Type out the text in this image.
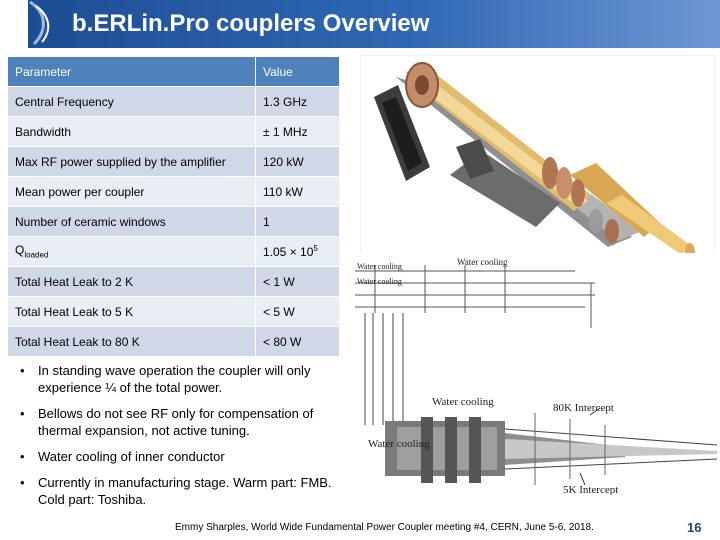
b.ERLin.Pro couplers Overview
Parameter	Value
Central Frequency	1.3 GHz
Bandwidth	± 1 MHz
Max RF power supplied by the amplifier	120 kW
Mean power per coupler	110 kW
Number of ceramic windows	1
$Q_{loaded}$	$1.05 \times 10^5$
Total Heat Leak to 2 K	< 1 W
Total Heat Leak to 5 K	< 5 W
Total Heat Leak to 80 K	< 80 W
• In standing wave operation the coupler will only experience ¼ of the total power.
• Bellows do not see RF only for compensation of thermal expansion, not active tuning.
• Water cooling of inner conductor
• Currently in manufacturing stage. Warm part: FMB. Cold part: Toshiba.
Water cooling
Water cooling
Water cooling
Water cooling	80K Intercept
Water cooling
5K Intercept
Emmy Sharples, World Wide Fundamental Power Coupler meeting #4, CERN, June 5-6, 2018.	16
